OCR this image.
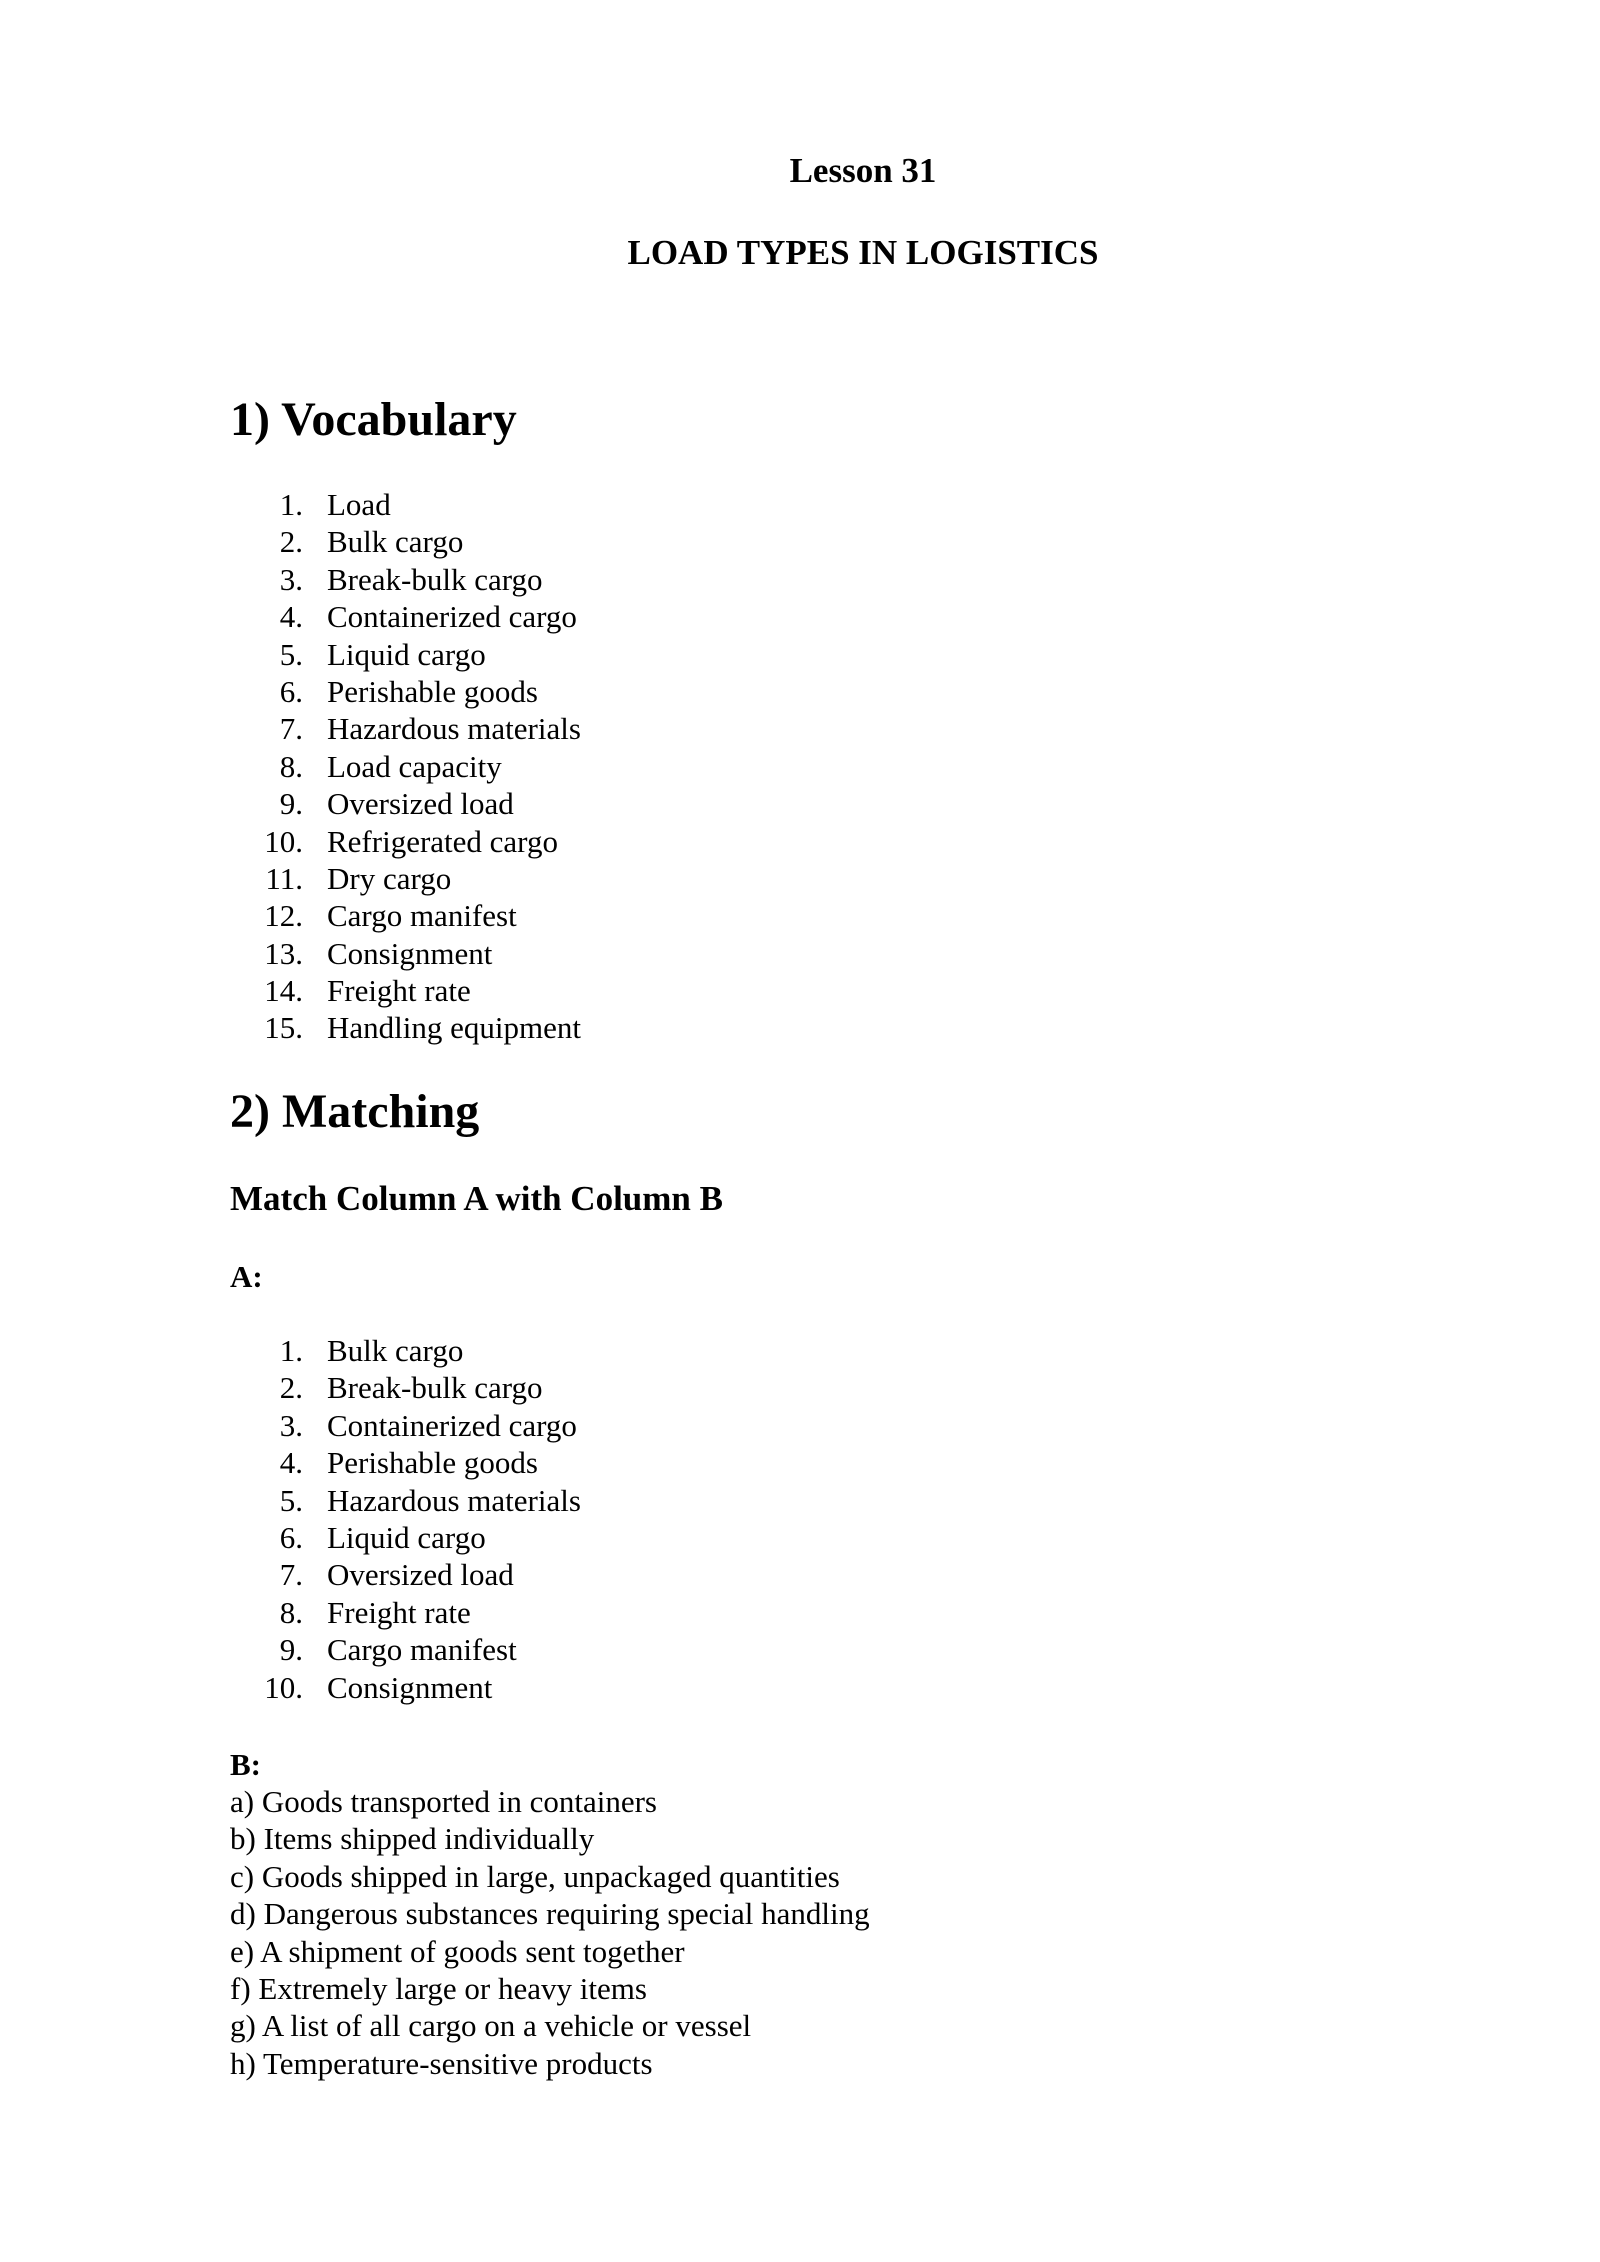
Lesson 31
LOAD TYPES IN LOGISTICS
1) Vocabulary
1. Load
2. Bulk cargo
3. Break-bulk cargo
4. Containerized cargo
5. Liquid cargo
6. Perishable goods
7. Hazardous materials
8. Load capacity
9. Oversized load
10. Refrigerated cargo
11. Dry cargo
12. Cargo manifest
13. Consignment
14. Freight rate
15. Handling equipment
2) Matching
Match Column A with Column B
A:
1. Bulk cargo
2. Break-bulk cargo
3. Containerized cargo
4. Perishable goods
5. Hazardous materials
6. Liquid cargo
7. Oversized load
8. Freight rate
9. Cargo manifest
10. Consignment
B:
a) Goods transported in containers
b) Items shipped individually
c) Goods shipped in large, unpackaged quantities
d) Dangerous substances requiring special handling
e) A shipment of goods sent together
f) Extremely large or heavy items
g) A list of all cargo on a vehicle or vessel
h) Temperature-sensitive products
